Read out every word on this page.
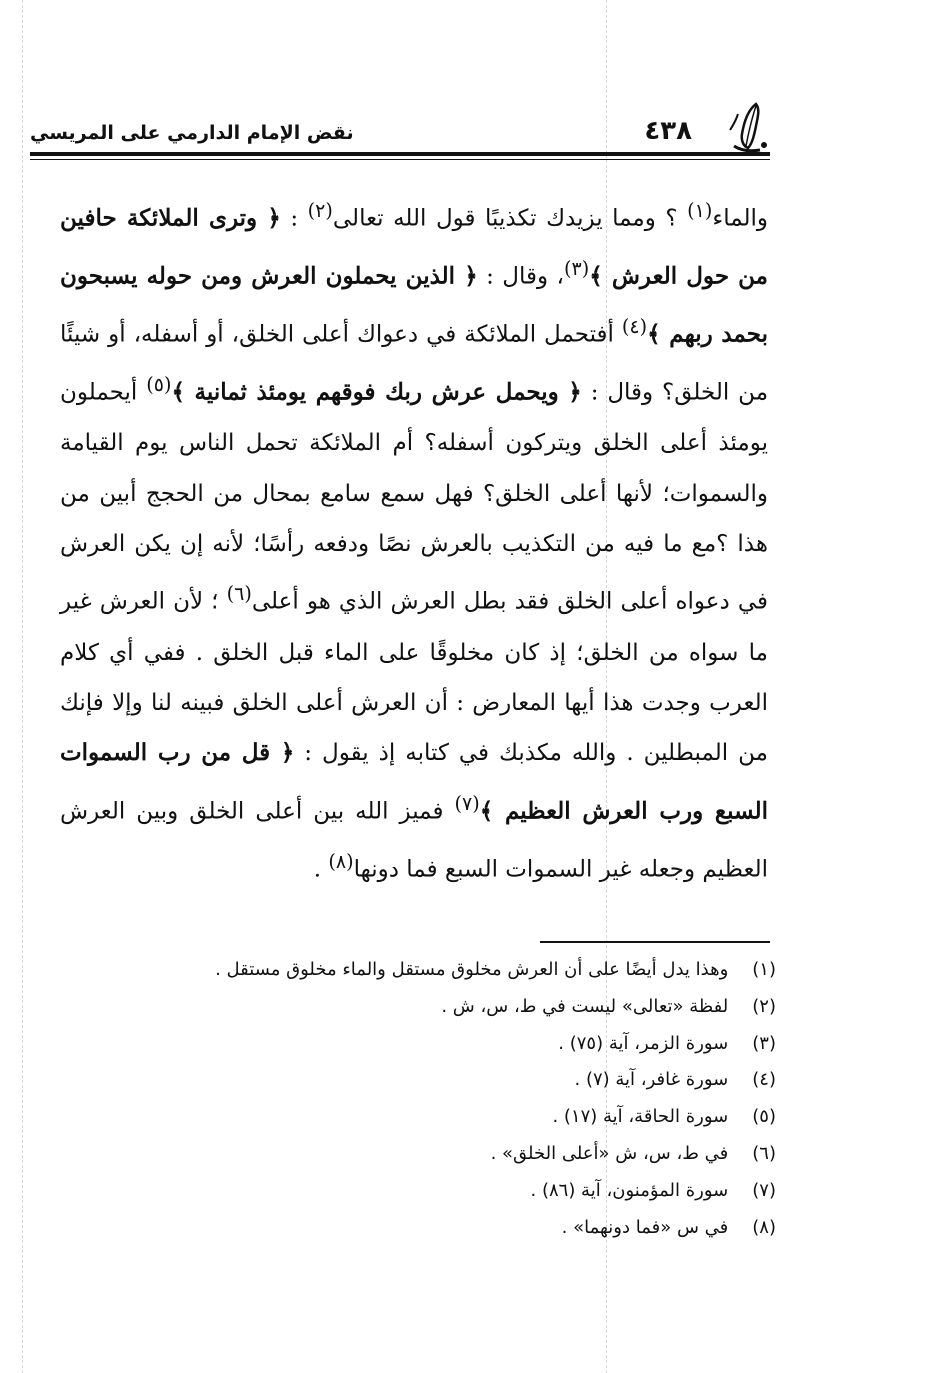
٤٣٨
نقض الإمام الدارمي على المريسي

والماء$^{(١)}$ ؟ ومما يزيدك تكذيبًا قول الله تعالى$^{(٢)}$ : ﴿ وترى الملائكة حافين من حول العرش ﴾$^{(٣)}$، وقال : ﴿ الذين يحملون العرش ومن حوله يسبحون بحمد ربهم ﴾$^{(٤)}$ أفتحمل الملائكة في دعواك أعلى الخلق، أو أسفله، أو شيئًا من الخلق؟ وقال : ﴿ ويحمل عرش ربك فوقهم يومئذ ثمانية ﴾$^{(٥)}$ أيحملون يومئذ أعلى الخلق ويتركون أسفله؟ أم الملائكة تحمل الناس يوم القيامة والسموات؛ لأنها أعلى الخلق؟ فهل سمع سامع بمحال من الحجج أبين من هذا ؟مع ما فيه من التكذيب بالعرش نصًا ودفعه رأسًا؛ لأنه إن يكن العرش في دعواه أعلى الخلق فقد بطل العرش الذي هو أعلى$^{(٦)}$ ؛ لأن العرش غير ما سواه من الخلق؛ إذ كان مخلوقًا على الماء قبل الخلق . ففي أي كلام العرب وجدت هذا أيها المعارض : أن العرش أعلى الخلق فبينه لنا وإلا فإنك من المبطلين . والله مكذبك في كتابه إذ يقول : ﴿ قل من رب السموات السبع ورب العرش العظيم ﴾$^{(٧)}$ فميز الله بين أعلى الخلق وبين العرش العظيم وجعله غير السموات السبع فما دونها$^{(٨)}$ .

(١) وهذا يدل أيضًا على أن العرش مخلوق مستقل والماء مخلوق مستقل .
(٢) لفظة «تعالى» ليست في ط، س، ش .
(٣) سورة الزمر، آية (٧٥) .
(٤) سورة غافر، آية (٧) .
(٥) سورة الحاقة، آية (١٧) .
(٦) في ط، س، ش «أعلى الخلق» .
(٧) سورة المؤمنون، آية (٨٦) .
(٨) في س «فما دونهما» .
